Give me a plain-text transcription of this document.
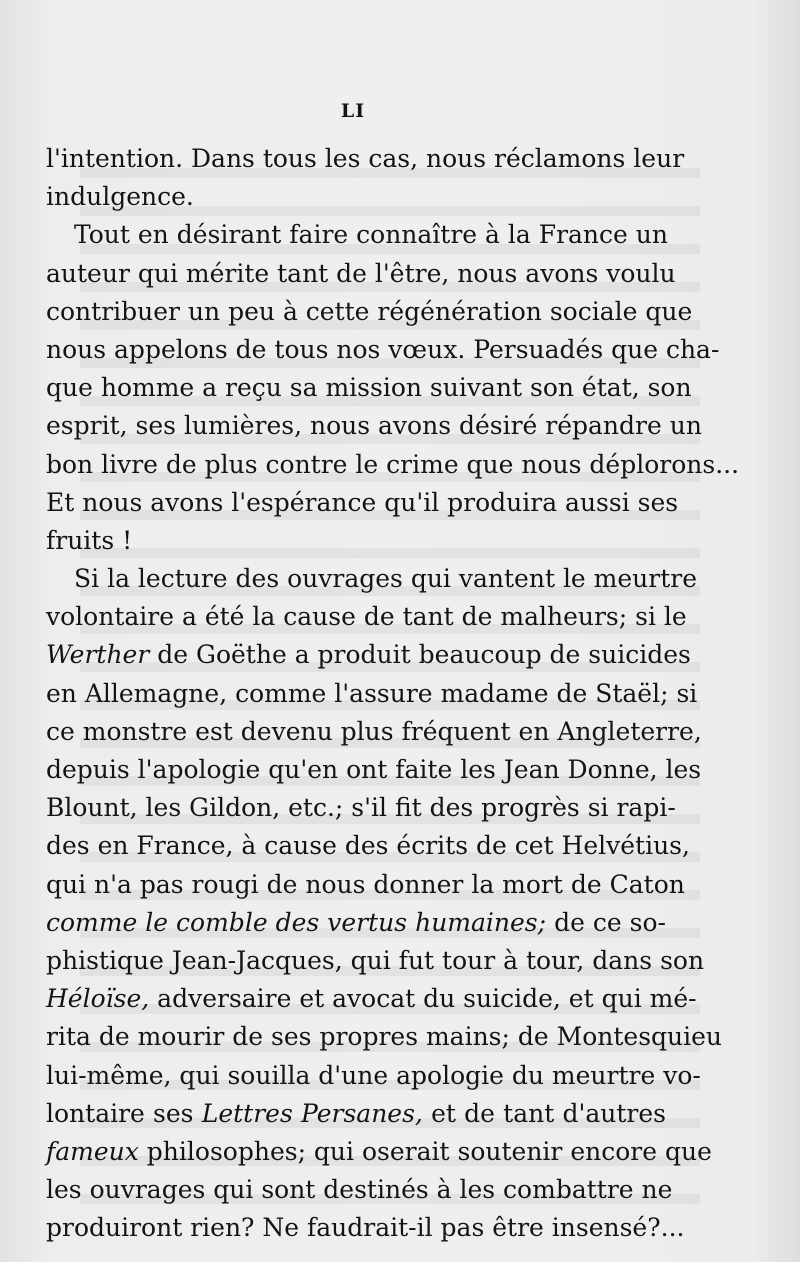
LI
l'intention. Dans tous les cas, nous réclamons leur
indulgence.
Tout en désirant faire connaître à la France un
auteur qui mérite tant de l'être, nous avons voulu
contribuer un peu à cette régénération sociale que
nous appelons de tous nos vœux. Persuadés que cha-
que homme a reçu sa mission suivant son état, son
esprit, ses lumières, nous avons désiré répandre un
bon livre de plus contre le crime que nous déplorons...
Et nous avons l'espérance qu'il produira aussi ses
fruits !
Si la lecture des ouvrages qui vantent le meurtre
volontaire a été la cause de tant de malheurs; si le
Werther de Goëthe a produit beaucoup de suicides
en Allemagne, comme l'assure madame de Staël; si
ce monstre est devenu plus fréquent en Angleterre,
depuis l'apologie qu'en ont faite les Jean Donne, les
Blount, les Gildon, etc.; s'il fit des progrès si rapi-
des en France, à cause des écrits de cet Helvétius,
qui n'a pas rougi de nous donner la mort de Caton
comme le comble des vertus humaines; de ce so-
phistique Jean-Jacques, qui fut tour à tour, dans son
Héloïse, adversaire et avocat du suicide, et qui mé-
rita de mourir de ses propres mains; de Montesquieu
lui-même, qui souilla d'une apologie du meurtre vo-
lontaire ses Lettres Persanes, et de tant d'autres
fameux philosophes; qui oserait soutenir encore que
les ouvrages qui sont destinés à les combattre ne
produiront rien? Ne faudrait-il pas être insensé?...
